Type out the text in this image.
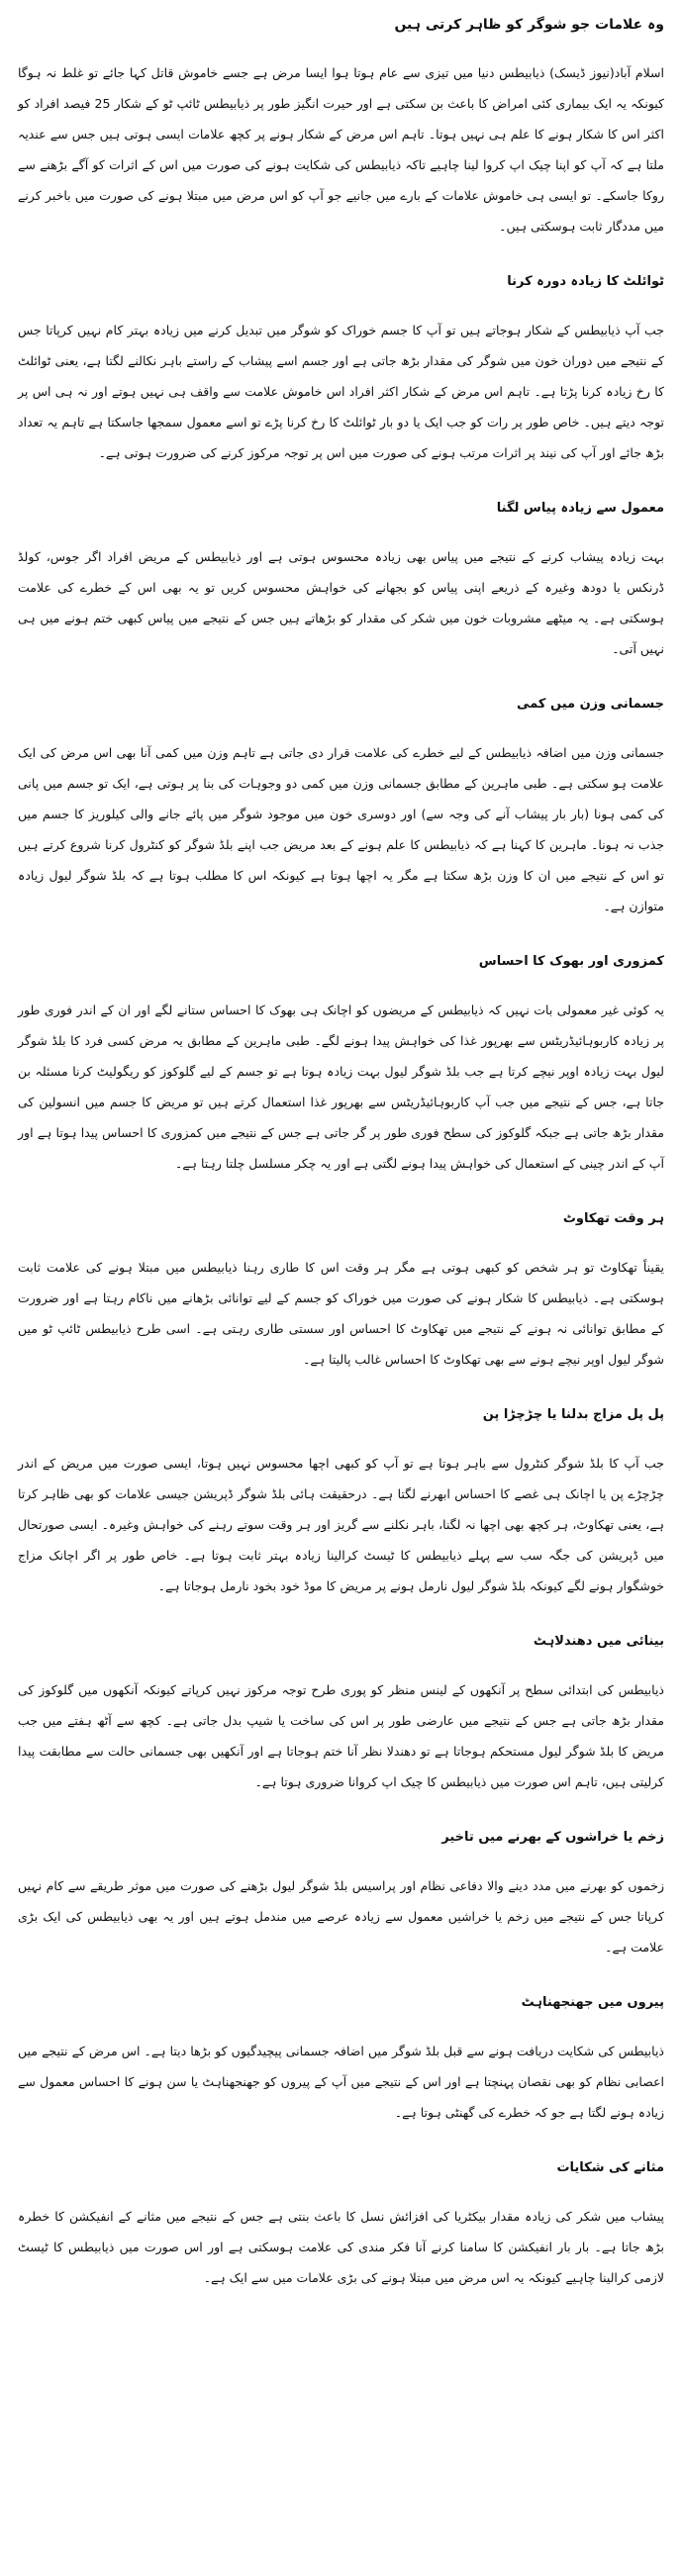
وہ علامات جو شوگر کو ظاہر کرتی ہیں

اسلام آباد(نیوز ڈیسک) ذیابیطس دنیا میں تیزی سے عام ہوتا ہوا ایسا مرض ہے جسے خاموش قاتل کہا جائے تو غلط نہ ہوگا کیونکہ یہ ایک بیماری کئی امراض کا باعث بن سکتی ہے اور حیرت انگیز طور پر ذیابیطس ٹائپ ٹو کے شکار 25 فیصد افراد کو اکثر اس کا شکار ہونے کا علم ہی نہیں ہوتا۔ تاہم اس مرض کے شکار ہونے پر کچھ علامات ایسی ہوتی ہیں جس سے عندیہ ملتا ہے کہ آپ کو اپنا چیک اپ کروا لینا چاہیے تاکہ ذیابیطس کی شکایت ہونے کی صورت میں اس کے اثرات کو آگے بڑھنے سے روکا جاسکے۔ تو ایسی ہی خاموش علامات کے بارے میں جانیے جو آپ کو اس مرض میں مبتلا ہونے کی صورت میں باخبر کرنے میں مددگار ثابت ہوسکتی ہیں۔

ٹوائلٹ کا زیادہ دورہ کرنا

جب آپ ذیابیطس کے شکار ہوجاتے ہیں تو آپ کا جسم خوراک کو شوگر میں تبدیل کرنے میں زیادہ بہتر کام نہیں کرپاتا جس کے نتیجے میں دوران خون میں شوگر کی مقدار بڑھ جاتی ہے اور جسم اسے پیشاب کے راستے باہر نکالنے لگتا ہے، یعنی ٹوائلٹ کا رخ زیادہ کرنا پڑتا ہے۔ تاہم اس مرض کے شکار اکثر افراد اس خاموش علامت سے واقف ہی نہیں ہوتے اور نہ ہی اس پر توجہ دیتے ہیں۔ خاص طور پر رات کو جب ایک یا دو بار ٹوائلٹ کا رخ کرنا پڑے تو اسے معمول سمجھا جاسکتا ہے تاہم یہ تعداد بڑھ جائے اور آپ کی نیند پر اثرات مرتب ہونے کی صورت میں اس پر توجہ مرکوز کرنے کی ضرورت ہوتی ہے۔

معمول سے زیادہ پیاس لگنا

بہت زیادہ پیشاب کرنے کے نتیجے میں پیاس بھی زیادہ محسوس ہوتی ہے اور ذیابیطس کے مریض افراد اگر جوس، کولڈ ڈرنکس یا دودھ وغیرہ کے ذریعے اپنی پیاس کو بجھانے کی خواہش محسوس کریں تو یہ بھی اس کے خطرے کی علامت ہوسکتی ہے۔ یہ میٹھے مشروبات خون میں شکر کی مقدار کو بڑھاتے ہیں جس کے نتیجے میں پیاس کبھی ختم ہونے میں ہی نہیں آتی۔

جسمانی وزن میں کمی

جسمانی وزن میں اضافہ ذیابیطس کے لیے خطرے کی علامت قرار دی جاتی ہے تاہم وزن میں کمی آنا بھی اس مرض کی ایک علامت ہو سکتی ہے۔ طبی ماہرین کے مطابق جسمانی وزن میں کمی دو وجوہات کی بنا پر ہوتی ہے، ایک تو جسم میں پانی کی کمی ہونا (بار بار پیشاب آنے کی وجہ سے) اور دوسری خون میں موجود شوگر میں پائے جانے والی کیلوریز کا جسم میں جذب نہ ہونا۔ ماہرین کا کہنا ہے کہ ذیابیطس کا علم ہونے کے بعد مریض جب اپنے بلڈ شوگر کو کنٹرول کرنا شروع کرتے ہیں تو اس کے نتیجے میں ان کا وزن بڑھ سکتا ہے مگر یہ اچھا ہوتا ہے کیونکہ اس کا مطلب ہوتا ہے کہ بلڈ شوگر لیول زیادہ متوازن ہے۔

کمزوری اور بھوک کا احساس

یہ کوئی غیر معمولی بات نہیں کہ ذیابیطس کے مریضوں کو اچانک ہی بھوک کا احساس ستانے لگے اور ان کے اندر فوری طور پر زیادہ کاربوہائیڈریٹس سے بھرپور غذا کی خواہش پیدا ہونے لگے۔ طبی ماہرین کے مطابق یہ مرض کسی فرد کا بلڈ شوگر لیول بہت زیادہ اوپر نیچے کرتا ہے جب بلڈ شوگر لیول بہت زیادہ ہوتا ہے تو جسم کے لیے گلوکوز کو ریگولیٹ کرنا مسئلہ بن جاتا ہے، جس کے نتیجے میں جب آپ کاربوہائیڈریٹس سے بھرپور غذا استعمال کرتے ہیں تو مریض کا جسم میں انسولین کی مقدار بڑھ جاتی ہے جبکہ گلوکوز کی سطح فوری طور پر گر جاتی ہے جس کے نتیجے میں کمزوری کا احساس پیدا ہوتا ہے اور آپ کے اندر چینی کے استعمال کی خواہش پیدا ہونے لگتی ہے اور یہ چکر مسلسل چلتا رہتا ہے۔

ہر وقت تھکاوٹ

یقیناً تھکاوٹ تو ہر شخص کو کبھی ہوتی ہے مگر ہر وقت اس کا طاری رہنا ذیابیطس میں مبتلا ہونے کی علامت ثابت ہوسکتی ہے۔ ذیابیطس کا شکار ہونے کی صورت میں خوراک کو جسم کے لیے توانائی بڑھانے میں ناکام رہتا ہے اور ضرورت کے مطابق توانائی نہ ہونے کے نتیجے میں تھکاوٹ کا احساس اور سستی طاری رہتی ہے۔ اسی طرح ذیابیطس ٹائپ ٹو میں شوگر لیول اوپر نیچے ہونے سے بھی تھکاوٹ کا احساس غالب پالیتا ہے۔

پل پل مزاج بدلنا یا چڑچڑا پن

جب آپ کا بلڈ شوگر کنٹرول سے باہر ہوتا ہے تو آپ کو کبھی اچھا محسوس نہیں ہوتا، ایسی صورت میں مریض کے اندر چڑچڑے پن یا اچانک ہی غصے کا احساس ابھرنے لگتا ہے۔ درحقیقت ہائی بلڈ شوگر ڈپریشن جیسی علامات کو بھی ظاہر کرتا ہے، یعنی تھکاوٹ، ہر کچھ بھی اچھا نہ لگنا، باہر نکلنے سے گریز اور ہر وقت سوتے رہنے کی خواہش وغیرہ۔ ایسی صورتحال میں ڈپریشن کی جگہ سب سے پہلے ذیابیطس کا ٹیسٹ کرالینا زیادہ بہتر ثابت ہوتا ہے۔ خاص طور پر اگر اچانک مزاج خوشگوار ہونے لگے کیونکہ بلڈ شوگر لیول نارمل ہونے پر مریض کا موڈ خود بخود نارمل ہوجاتا ہے۔

بینائی میں دھندلاہٹ

ذیابیطس کی ابتدائی سطح پر آنکھوں کے لینس منظر کو پوری طرح توجہ مرکوز نہیں کرپاتے کیونکہ آنکھوں میں گلوکوز کی مقدار بڑھ جاتی ہے جس کے نتیجے میں عارضی طور پر اس کی ساخت یا شیپ بدل جاتی ہے۔ کچھ سے آٹھ ہفتے میں جب مریض کا بلڈ شوگر لیول مستحکم ہوجاتا ہے تو دھندلا نظر آنا ختم ہوجاتا ہے اور آنکھیں بھی جسمانی حالت سے مطابقت پیدا کرلیتی ہیں، تاہم اس صورت میں ذیابیطس کا چیک اپ کروانا ضروری ہوتا ہے۔

زخم یا خراشوں کے بھرنے میں تاخیر

زخموں کو بھرنے میں مدد دینے والا دفاعی نظام اور پراسیس بلڈ شوگر لیول بڑھنے کی صورت میں موثر طریقے سے کام نہیں کرپاتا جس کے نتیجے میں زخم یا خراشیں معمول سے زیادہ عرصے میں مندمل ہوتے ہیں اور یہ بھی ذیابیطس کی ایک بڑی علامت ہے۔

پیروں میں جھنجھناہٹ

ذیابیطس کی شکایت دریافت ہونے سے قبل بلڈ شوگر میں اضافہ جسمانی پیچیدگیوں کو بڑھا دیتا ہے۔ اس مرض کے نتیجے میں اعصابی نظام کو بھی نقصان پہنچتا ہے اور اس کے نتیجے میں آپ کے پیروں کو جھنجھناہٹ یا سن ہونے کا احساس معمول سے زیادہ ہونے لگتا ہے جو کہ خطرے کی گھنٹی ہوتا ہے۔

مثانے کی شکایات

پیشاب میں شکر کی زیادہ مقدار بیکٹریا کی افزائش نسل کا باعث بنتی ہے جس کے نتیجے میں مثانے کے انفیکشن کا خطرہ بڑھ جاتا ہے۔ بار بار انفیکشن کا سامنا کرنے آنا فکر مندی کی علامت ہوسکتی ہے اور اس صورت میں ذیابیطس کا ٹیسٹ لازمی کرالینا چاہیے کیونکہ یہ اس مرض میں مبتلا ہونے کی بڑی علامات میں سے ایک ہے۔
